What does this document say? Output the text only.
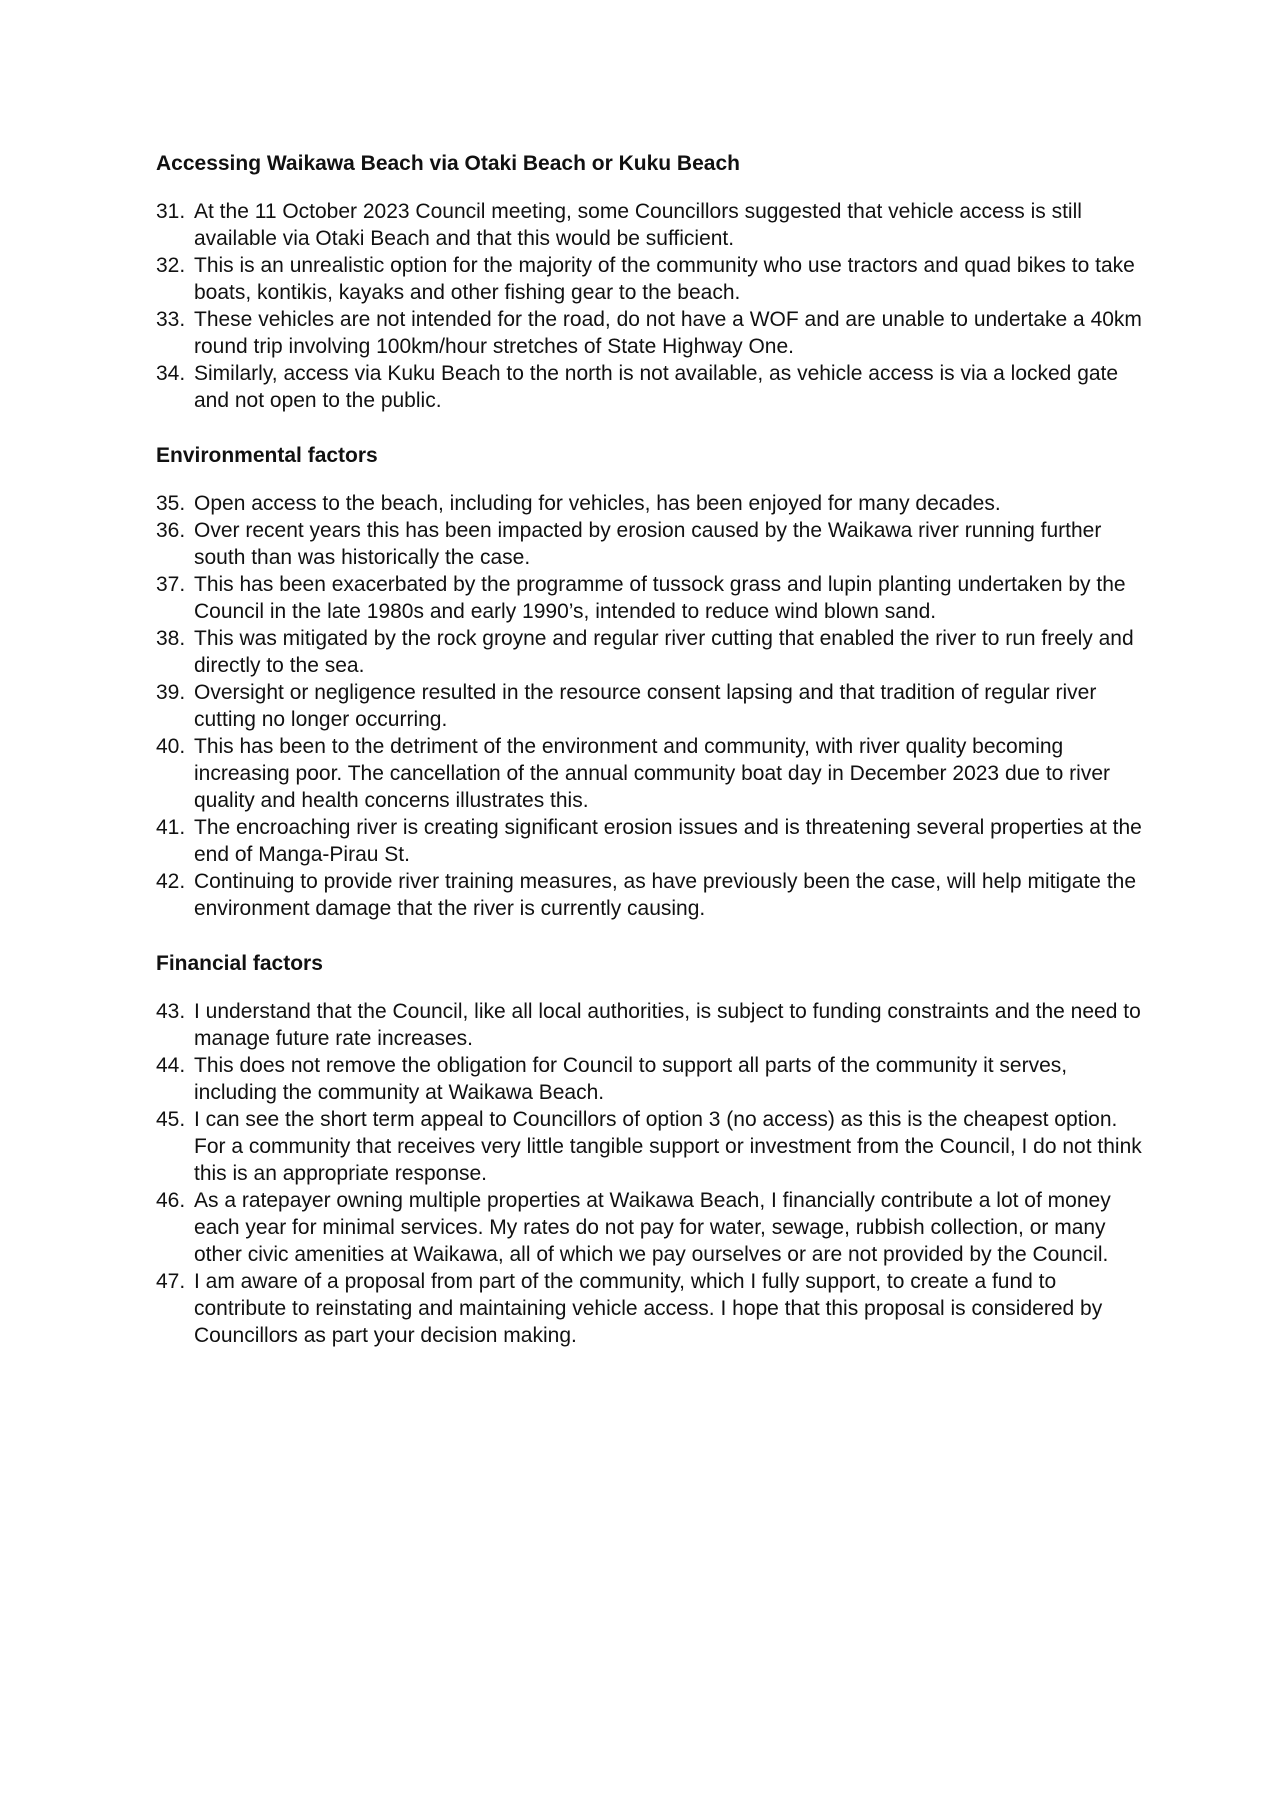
Accessing Waikawa Beach via Otaki Beach or Kuku Beach
31. At the 11 October 2023 Council meeting, some Councillors suggested that vehicle access is still available via Otaki Beach and that this would be sufficient.
32. This is an unrealistic option for the majority of the community who use tractors and quad bikes to take boats, kontikis, kayaks and other fishing gear to the beach.
33. These vehicles are not intended for the road, do not have a WOF and are unable to undertake a 40km round trip involving 100km/hour stretches of State Highway One.
34. Similarly, access via Kuku Beach to the north is not available, as vehicle access is via a locked gate and not open to the public.
Environmental factors
35. Open access to the beach, including for vehicles, has been enjoyed for many decades.
36. Over recent years this has been impacted by erosion caused by the Waikawa river running further south than was historically the case.
37. This has been exacerbated by the programme of tussock grass and lupin planting undertaken by the Council in the late 1980s and early 1990’s, intended to reduce wind blown sand.
38. This was mitigated by the rock groyne and regular river cutting that enabled the river to run freely and directly to the sea.
39. Oversight or negligence resulted in the resource consent lapsing and that tradition of regular river cutting no longer occurring.
40. This has been to the detriment of the environment and community, with river quality becoming increasing poor. The cancellation of the annual community boat day in December 2023 due to river quality and health concerns illustrates this.
41. The encroaching river is creating significant erosion issues and is threatening several properties at the end of Manga-Pirau St.
42. Continuing to provide river training measures, as have previously been the case, will help mitigate the environment damage that the river is currently causing.
Financial factors
43. I understand that the Council, like all local authorities, is subject to funding constraints and the need to manage future rate increases.
44. This does not remove the obligation for Council to support all parts of the community it serves, including the community at Waikawa Beach.
45. I can see the short term appeal to Councillors of option 3 (no access) as this is the cheapest option. For a community that receives very little tangible support or investment from the Council, I do not think this is an appropriate response.
46. As a ratepayer owning multiple properties at Waikawa Beach, I financially contribute a lot of money each year for minimal services. My rates do not pay for water, sewage, rubbish collection, or many other civic amenities at Waikawa, all of which we pay ourselves or are not provided by the Council.
47. I am aware of a proposal from part of the community, which I fully support, to create a fund to contribute to reinstating and maintaining vehicle access. I hope that this proposal is considered by Councillors as part your decision making.
